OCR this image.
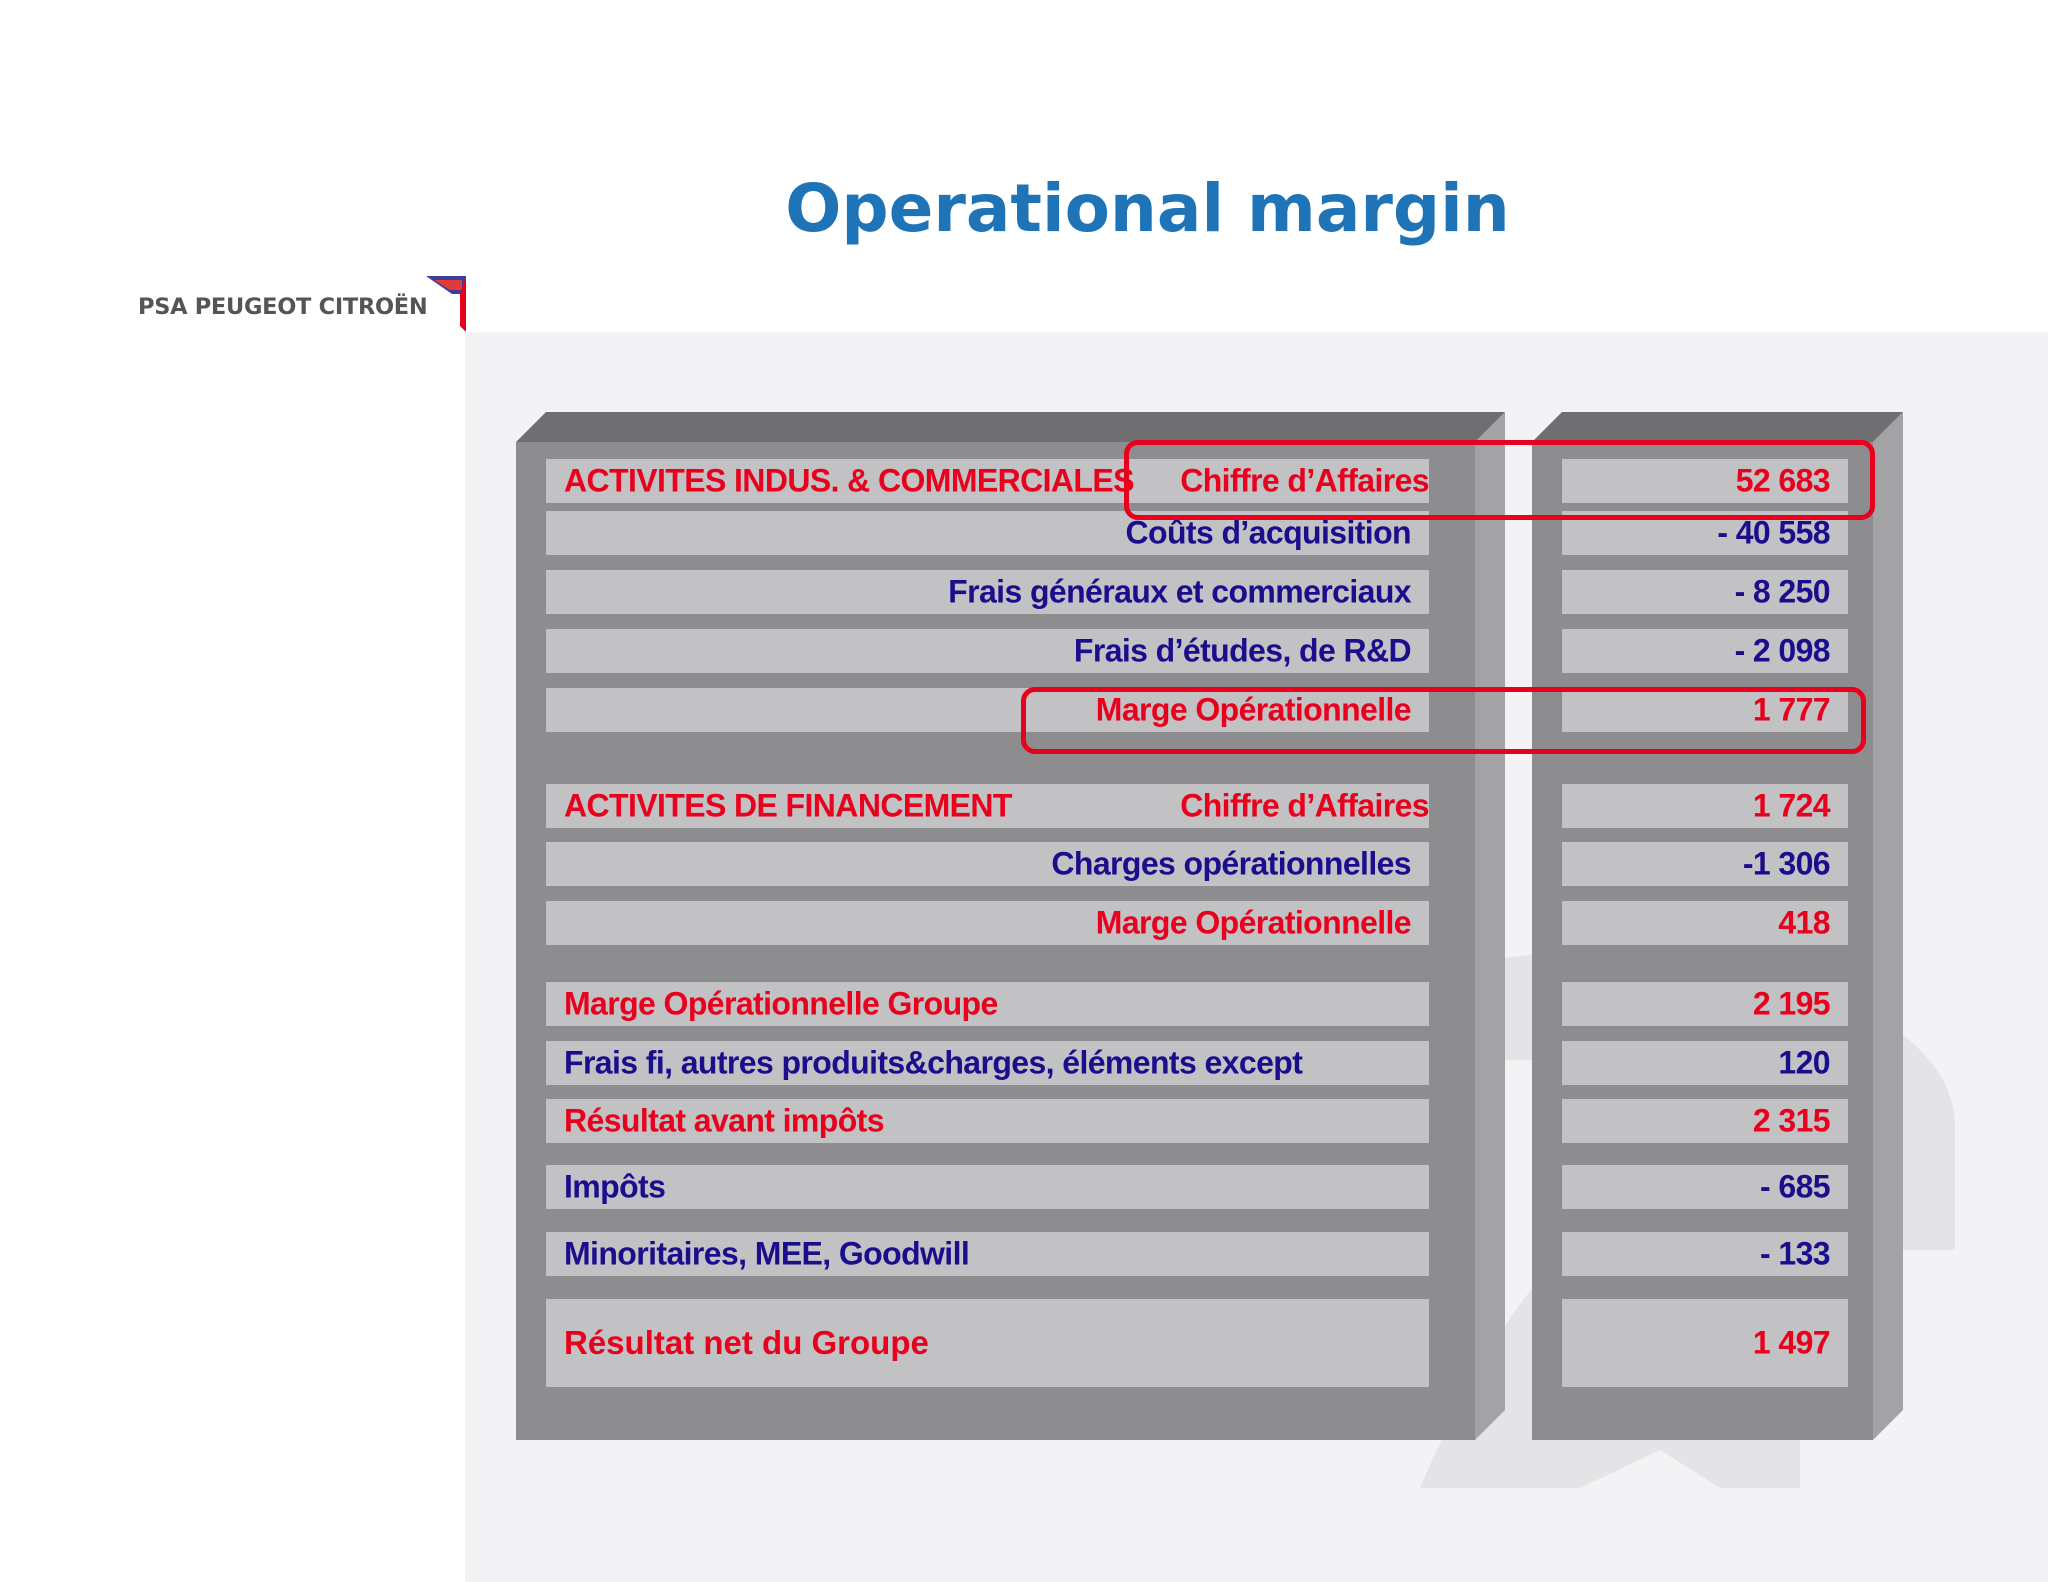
Operational margin
PSA PEUGEOT CITROËN
ACTIVITES INDUS. & COMMERCIALES Chiffre d’Affaires	52 683
Coûts d’acquisition	- 40 558
Frais généraux et commerciaux	- 8 250
Frais d’études, de R&D	- 2 098
Marge Opérationnelle	1 777
ACTIVITES DE FINANCEMENT	Chiffre d’Affaires	1 724
Charges opérationnelles	-1 306
Marge Opérationnelle	418
Marge Opérationnelle Groupe	2 195
Frais fi, autres produits&charges, éléments except	120
Résultat avant impôts	2 315
Impôts	- 685
Minoritaires, MEE, Goodwill	- 133
Résultat net du Groupe	1 497
